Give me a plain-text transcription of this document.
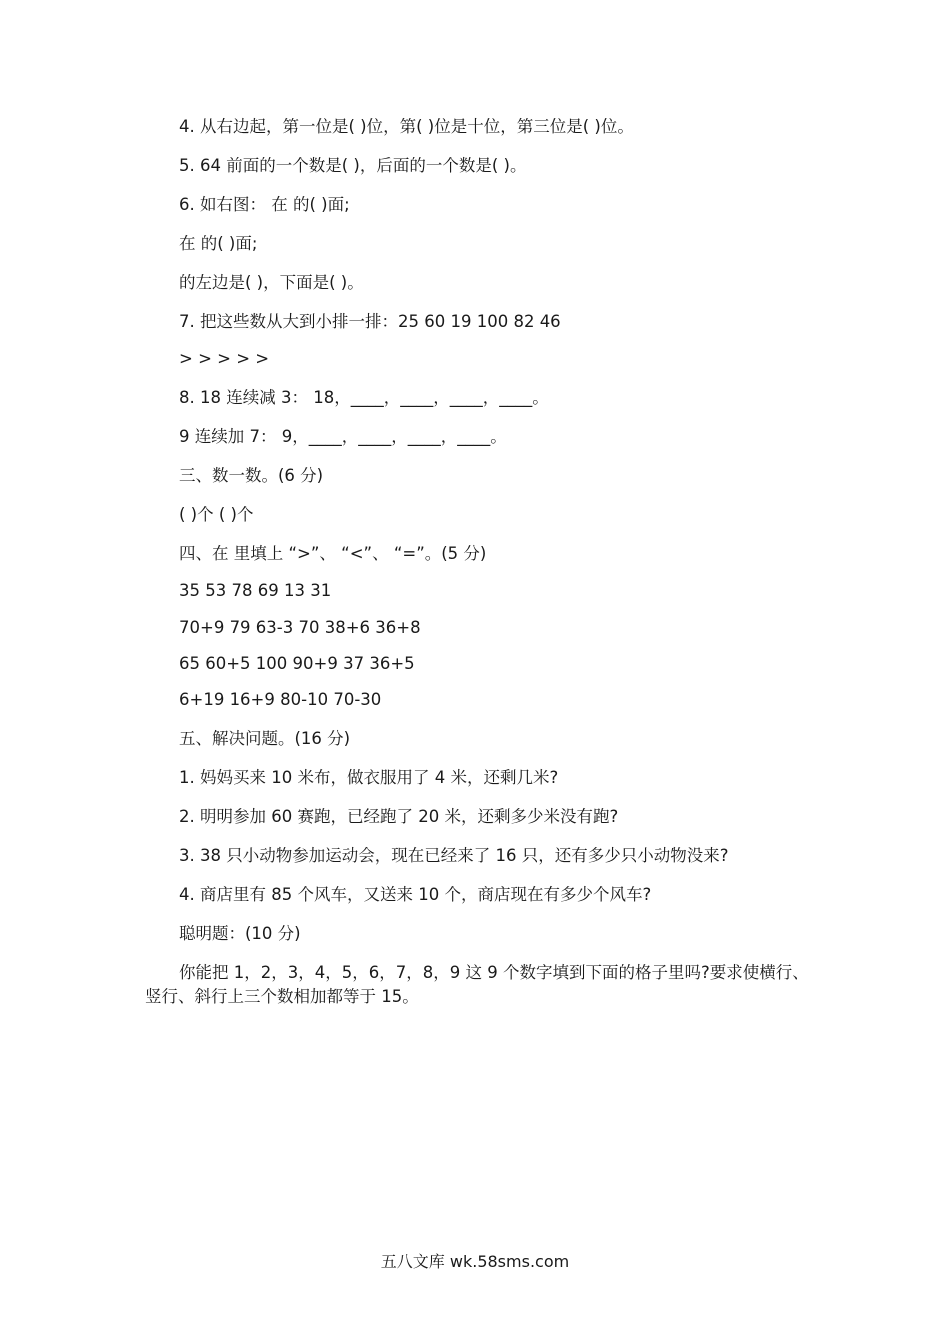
4. 从右边起，第一位是( )位，第( )位是十位，第三位是( )位。
5. 64 前面的一个数是( )，后面的一个数是( )。
6. 如右图： 在 的( )面;
在 的( )面;
的左边是( )，下面是( )。
7. 把这些数从大到小排一排：25 60 19 100 82 46
> > > > >
8. 18 连续减 3： 18，____，____，____，____。
9 连续加 7： 9，____，____，____，____。
三、数一数。(6 分)
( )个 ( )个
四、在 里填上 “>”、 “<”、 “=”。(5 分)
35 53 78 69 13 31
70+9 79 63-3 70 38+6 36+8
65 60+5 100 90+9 37 36+5
6+19 16+9 80-10 70-30
五、解决问题。(16 分)
1. 妈妈买来 10 米布，做衣服用了 4 米，还剩几米?
2. 明明参加 60 赛跑，已经跑了 20 米，还剩多少米没有跑?
3. 38 只小动物参加运动会，现在已经来了 16 只，还有多少只小动物没来?
4. 商店里有 85 个风车，又送来 10 个，商店现在有多少个风车?
聪明题：(10 分)
你能把 1，2，3，4，5，6，7，8，9 这 9 个数字填到下面的格子里吗?要求使横行、竖行、斜行上三个数相加都等于 15。
五八文库 wk.58sms.com
